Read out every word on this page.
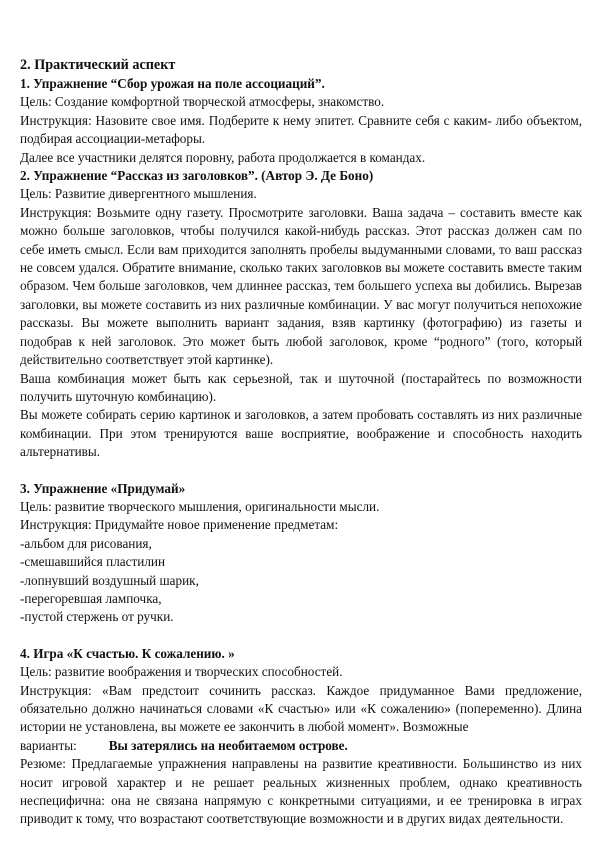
2. Практический аспект

1. Упражнение “Сбор урожая на поле ассоциаций”.

Цель: Создание комфортной творческой атмосферы, знакомство.

Инструкция: Назовите свое имя. Подберите к нему эпитет. Сравните себя с каким- либо объектом, подбирая ассоциации-метафоры.

Далее все участники делятся поровну, работа продолжается в командах.

2. Упражнение “Рассказ из заголовков”. (Автор Э. Де Боно)

Цель: Развитие дивергентного мышления.

Инструкция: Возьмите одну газету. Просмотрите заголовки. Ваша задача – составить вместе как можно больше заголовков, чтобы получился какой-нибудь рассказ. Этот рассказ должен сам по себе иметь смысл. Если вам приходится заполнять пробелы выдуманными словами, то ваш рассказ не совсем удался. Обратите внимание, сколько таких заголовков вы можете составить вместе таким образом. Чем больше заголовков, чем длиннее рассказ, тем большего успеха вы добились. Вырезав заголовки, вы можете составить из них различные комбинации. У вас могут получиться непохожие рассказы. Вы можете выполнить вариант задания, взяв картинку (фотографию) из газеты и подобрав к ней заголовок. Это может быть любой заголовок, кроме “родного” (того, который действительно соответствует этой картинке).

Ваша комбинация может быть как серьезной, так и шуточной (постарайтесь по возможности получить шуточную комбинацию).

Вы можете собирать серию картинок и заголовков, а затем пробовать составлять из них различные комбинации. При этом тренируются ваше восприятие, воображение и способность находить альтернативы.

3. Упражнение «Придумай»

Цель: развитие творческого мышления, оригинальности мысли.

Инструкция: Придумайте новое применение предметам:

-альбом для рисования,

-смешавшийся пластилин

-лопнувший воздушный шарик,

-перегоревшая лампочка,

-пустой стержень от ручки.

4. Игра «К счастью. К сожалению. »

Цель: развитие воображения и творческих способностей.

Инструкция: «Вам предстоит сочинить рассказ. Каждое придуманное Вами предложение, обязательно должно начинаться словами «К счастью» или «К сожалению» (попеременно). Длина истории не установлена, вы можете ее закончить в любой момент». Возможные

варианты: Вы затерялись на необитаемом острове.

Резюме: Предлагаемые упражнения направлены на развитие креативности. Большинство из них носит игровой характер и не решает реальных жизненных проблем, однако креативность неспецифична: она не связана напрямую с конкретными ситуациями, и ее тренировка в играх приводит к тому, что возрастают соответствующие возможности и в других видах деятельности.
